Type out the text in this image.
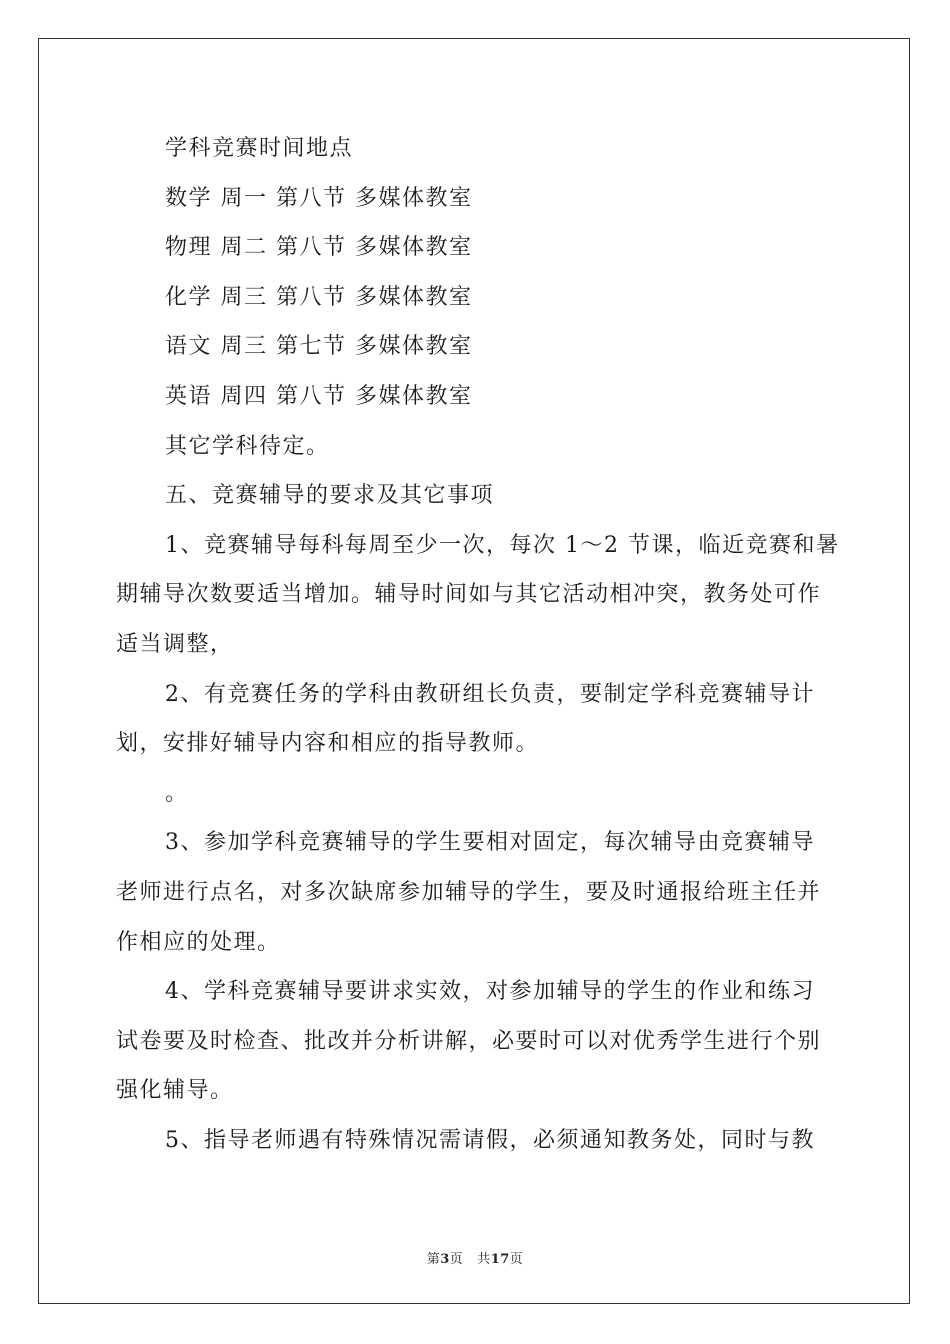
学科竞赛时间地点

数学 周一 第八节 多媒体教室

物理 周二 第八节 多媒体教室

化学 周三 第八节 多媒体教室

语文 周三 第七节 多媒体教室

英语 周四 第八节 多媒体教室

其它学科待定。

五、竞赛辅导的要求及其它事项

1、竞赛辅导每科每周至少一次，每次 1～2 节课，临近竞赛和暑

期辅导次数要适当增加。辅导时间如与其它活动相冲突，教务处可作

适当调整，

2、有竞赛任务的学科由教研组长负责，要制定学科竞赛辅导计

划，安排好辅导内容和相应的指导教师。

。

3、参加学科竞赛辅导的学生要相对固定，每次辅导由竞赛辅导

老师进行点名，对多次缺席参加辅导的学生，要及时通报给班主任并

作相应的处理。

4、学科竞赛辅导要讲求实效，对参加辅导的学生的作业和练习

试卷要及时检查、批改并分析讲解，必要时可以对优秀学生进行个别

强化辅导。

5、指导老师遇有特殊情况需请假，必须通知教务处，同时与教

第3页 共17页
